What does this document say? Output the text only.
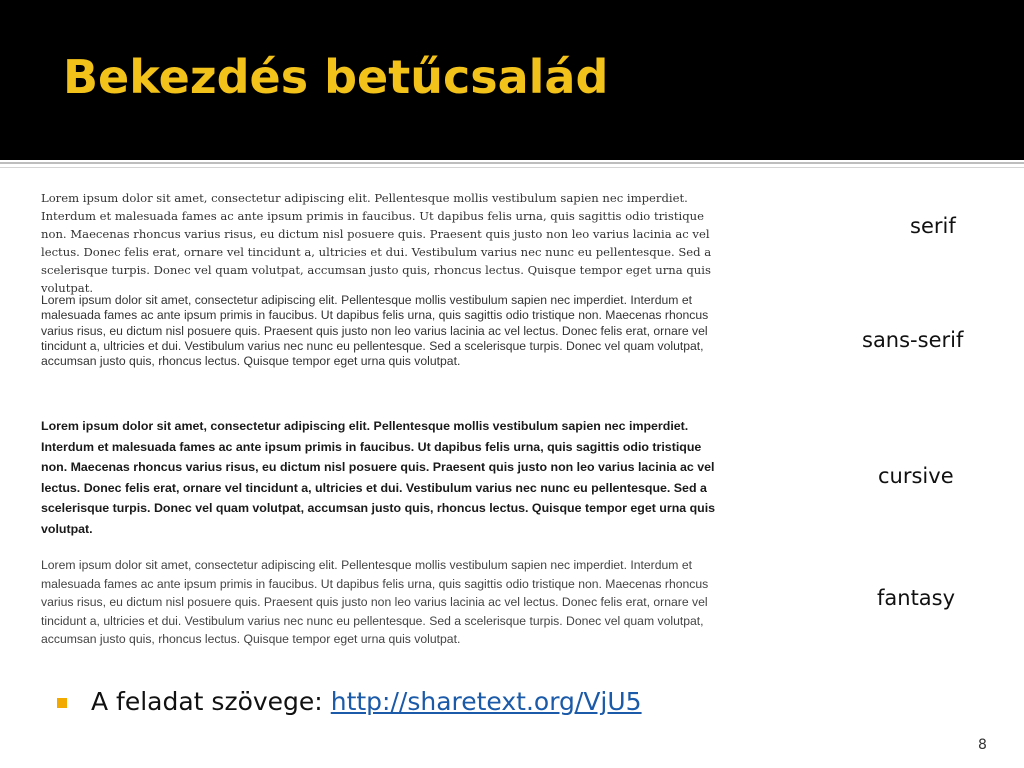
Bekezdés betűcsalád

Lorem ipsum dolor sit amet, consectetur adipiscing elit. Pellentesque mollis vestibulum sapien nec imperdiet. Interdum et malesuada fames ac ante ipsum primis in faucibus. Ut dapibus felis urna, quis sagittis odio tristique non. Maecenas rhoncus varius risus, eu dictum nisl posuere quis. Praesent quis justo non leo varius lacinia ac vel lectus. Donec felis erat, ornare vel tincidunt a, ultricies et dui. Vestibulum varius nec nunc eu pellentesque. Sed a scelerisque turpis. Donec vel quam volutpat, accumsan justo quis, rhoncus lectus. Quisque tempor eget urna quis volutpat.

Lorem ipsum dolor sit amet, consectetur adipiscing elit. Pellentesque mollis vestibulum sapien nec imperdiet. Interdum et malesuada fames ac ante ipsum primis in faucibus. Ut dapibus felis urna, quis sagittis odio tristique non. Maecenas rhoncus varius risus, eu dictum nisl posuere quis. Praesent quis justo non leo varius lacinia ac vel lectus. Donec felis erat, ornare vel tincidunt a, ultricies et dui. Vestibulum varius nec nunc eu pellentesque. Sed a scelerisque turpis. Donec vel quam volutpat, accumsan justo quis, rhoncus lectus. Quisque tempor eget urna quis volutpat.

Lorem ipsum dolor sit amet, consectetur adipiscing elit. Pellentesque mollis vestibulum sapien nec imperdiet. Interdum et malesuada fames ac ante ipsum primis in faucibus. Ut dapibus felis urna, quis sagittis odio tristique non. Maecenas rhoncus varius risus, eu dictum nisl posuere quis. Praesent quis justo non leo varius lacinia ac vel lectus. Donec felis erat, ornare vel tincidunt a, ultricies et dui. Vestibulum varius nec nunc eu pellentesque. Sed a scelerisque turpis. Donec vel quam volutpat, accumsan justo quis, rhoncus lectus. Quisque tempor eget urna quis volutpat.

Lorem ipsum dolor sit amet, consectetur adipiscing elit. Pellentesque mollis vestibulum sapien nec imperdiet. Interdum et malesuada fames ac ante ipsum primis in faucibus. Ut dapibus felis urna, quis sagittis odio tristique non. Maecenas rhoncus varius risus, eu dictum nisl posuere quis. Praesent quis justo non leo varius lacinia ac vel lectus. Donec felis erat, ornare vel tincidunt a, ultricies et dui. Vestibulum varius nec nunc eu pellentesque. Sed a scelerisque turpis. Donec vel quam volutpat, accumsan justo quis, rhoncus lectus. Quisque tempor eget urna quis volutpat.

serif

sans-serif

cursive

fantasy

A feladat szövege: http://sharetext.org/VjU5

8
